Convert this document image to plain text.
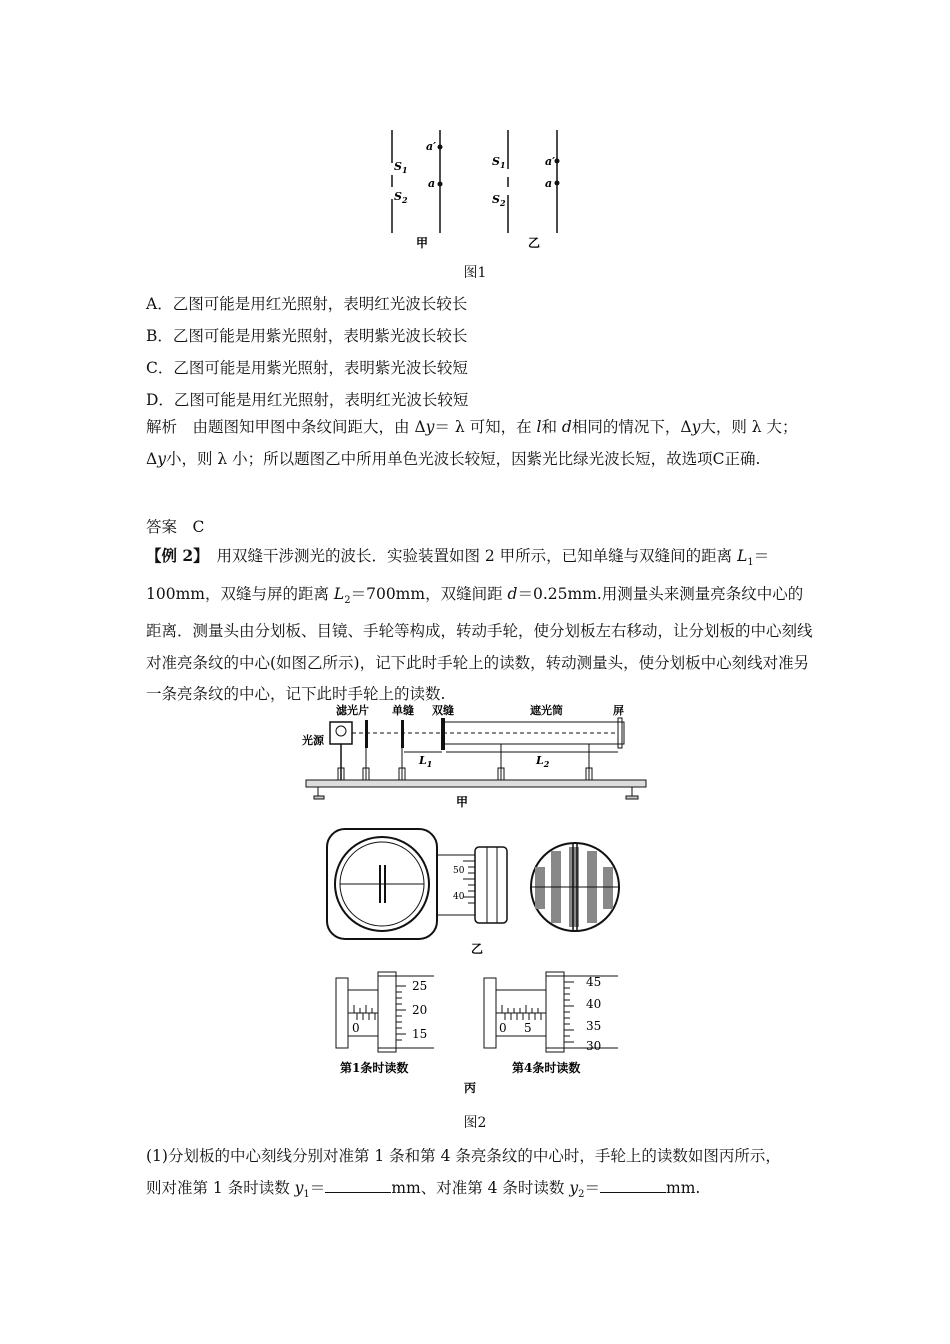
$S_1$
$S_2$
a′
a
甲
$S_1$
$S_2$
a′
a
乙
图1
A．乙图可能是用红光照射，表明红光波长较长
B．乙图可能是用紫光照射，表明紫光波长较长
C．乙图可能是用紫光照射，表明紫光波长较短
D．乙图可能是用红光照射，表明红光波长较短

解析　由题图知甲图中条纹间距大，由 Δy＝ λ 可知，在 l和 d相同的情况下，Δy大，则 λ 大；Δy小，则 λ 小；所以题图乙中所用单色光波长较短，因紫光比绿光波长短，故选项C正确.

答案　C

【例 2】　用双缝干涉测光的波长．实验装置如图 2 甲所示，已知单缝与双缝间的距离 $L_1=100mm$，双缝与屏的距离 $L_2=700mm$，双缝间距 d＝0.25mm.用测量头来测量亮条纹中心的距离．测量头由分划板、目镜、手轮等构成，转动手轮，使分划板左右移动，让分划板的中心刻线对准亮条纹的中心(如图乙所示)，记下此时手轮上的读数，转动测量头，使分划板中心刻线对准另一条亮条纹的中心，记下此时手轮上的读数.

滤光片 单缝 双缝	遮光筒	屏
光源
$L_1$	$L_2$
甲
50
40
乙
25
20
15
0
第1条时读数
45
40
35
30
0 5
第4条时读数
丙
图2
(1)分划板的中心刻线分别对准第 1 条和第 4 条亮条纹的中心时，手轮上的读数如图丙所示，
则对准第 1 条时读数 $y_1=$	mm、对准第 4 条时读数 $y_2=$	mm.
